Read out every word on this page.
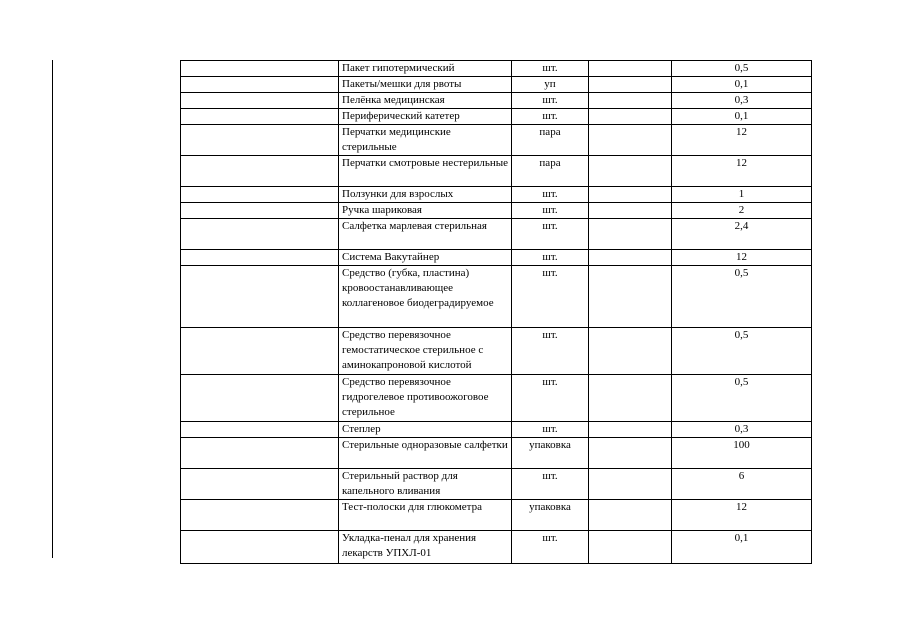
	Пакет гипотермический	шт.		0,5
	Пакеты/мешки для рвоты	уп		0,1
	Пелёнка медицинская	шт.		0,3
	Периферический катетер	шт.		0,1
	Перчатки медицинские стерильные	пара		12
	Перчатки смотровые нестерильные	пара		12
	Ползунки для взрослых	шт.		1
	Ручка шариковая	шт.		2
	Салфетка марлевая стерильная	шт.		2,4
	Система Вакутайнер	шт.		12
	Средство (губка, пластина) кровоостанавливающее коллагеновое биодеградируемое	шт.		0,5
	Средство перевязочное гемостатическое стерильное с аминокапроновой кислотой	шт.		0,5
	Средство перевязочное гидрогелевое противоожоговое стерильное	шт.		0,5
	Степлер	шт.		0,3
	Стерильные одноразовые салфетки	упаковка		100
	Стерильный раствор для капельного вливания	шт.		6
	Тест-полоски для глюкометра	упаковка		12
	Укладка-пенал для хранения лекарств УПХЛ-01	шт.		0,1
